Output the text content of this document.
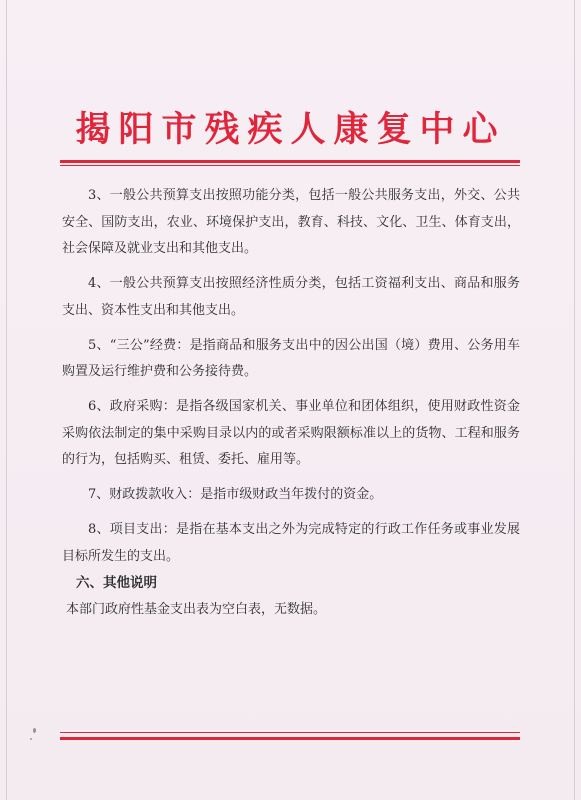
揭阳市残疾人康复中心

3、一般公共预算支出按照功能分类，包括一般公共服务支出，外交、公共安全、国防支出，农业、环境保护支出，教育、科技、文化、卫生、体育支出，社会保障及就业支出和其他支出。

4、一般公共预算支出按照经济性质分类，包括工资福利支出、商品和服务支出、资本性支出和其他支出。

5、“三公”经费：是指商品和服务支出中的因公出国（境）费用、公务用车购置及运行维护费和公务接待费。

6、政府采购：是指各级国家机关、事业单位和团体组织，使用财政性资金采购依法制定的集中采购目录以内的或者采购限额标准以上的货物、工程和服务的行为，包括购买、租赁、委托、雇用等。

7、财政拨款收入：是指市级财政当年拨付的资金。

8、项目支出：是指在基本支出之外为完成特定的行政工作任务或事业发展目标所发生的支出。

六、其他说明

本部门政府性基金支出表为空白表，无数据。
